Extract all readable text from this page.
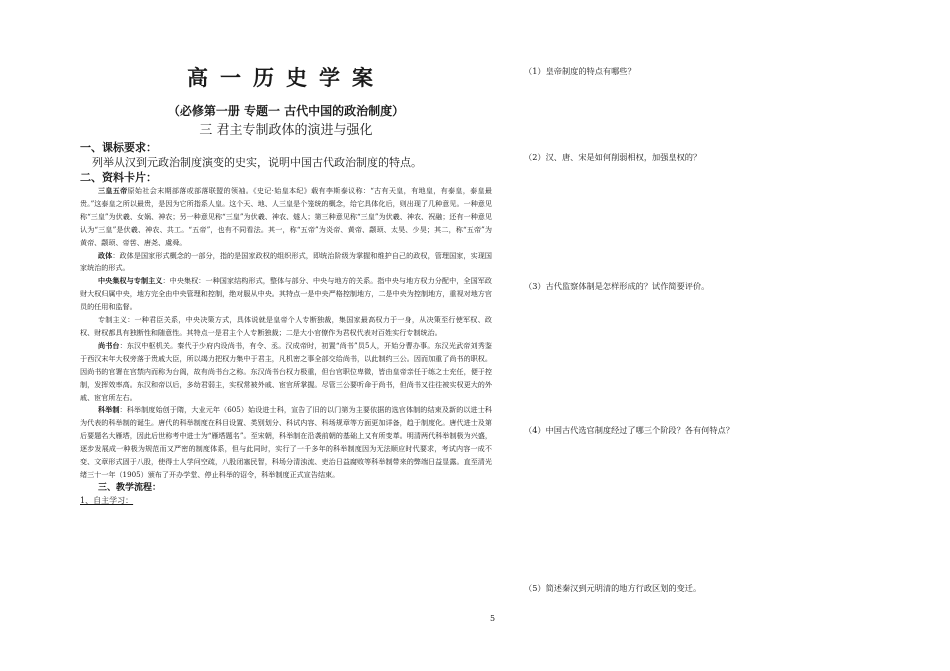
高一历史学案
（必修第一册 专题一 古代中国的政治制度）
三 君主专制政体的演进与强化
一、课标要求：
列举从汉到元政治制度演变的史实，说明中国古代政治制度的特点。
二、资料卡片：

三皇五帝原始社会末期部落或部落联盟的领袖。《史记·始皇本纪》载有李斯泰议称：“古有天皇，有地皇，有泰皇，泰皇最贵。”这泰皇之所以最贵，是因为它所指系人皇。这个天、地、人三皇是个笼统的概念，给它具体化后，则出现了几种意见。一种意见称“三皇”为伏羲、女娲、神农；另一种意见称“三皇”为伏羲、神农、燧人；第三种意见称“三皇”为伏羲、神农、祝融；还有一种意见认为“三皇”是伏羲、神农、共工。“五帝”，也有不同看法。其一，称“五帝”为炎帝、黄帝、颛顼、太昊、少昊；其二，称“五帝”为黄帝、颛顼、帝喾、唐尧、虞舜。

政体：政体是国家形式概念的一部分，指的是国家政权的组织形式，即统治阶级为掌握和维护自己的政权，管理国家，实现国家统治的形式。

中央集权与专制主义：中央集权：一种国家结构形式，整体与部分、中央与地方的关系。指中央与地方权力分配中，全国军政财大权归属中央，地方完全由中央管理和控制，绝对服从中央。其特点一是中央严格控制地方，二是中央为控制地方，重视对地方官员的任用和监督。

专制主义：一种君臣关系，中央决策方式，具体说就是皇帝个人专断独裁，集国家最高权力于一身，从决策至行使军权、政权、财权都具有独断性和随意性。其特点一是君主个人专断独裁；二是大小官僚作为君权代表对百姓实行专制统治。

尚书台：东汉中枢机关。秦代于少府内设尚书，有令、丞。汉成帝时，初置“尚书”员5人，开始分曹办事。东汉光武帝刘秀鉴于西汉末年大权旁落于贵戚大臣，所以竭力把权力集中于君主，凡机密之事全部交给尚书，以此制约三公。因而加重了尚书的职权。因尚书的官署在宫禁内而称为台阁，故有尚书台之称。东汉尚书台权力极重，但台官职位卑微，皆由皇帝亲任于练之士充任，便于控制，发挥效率高。东汉和帝以后，多幼君弱主，实权常被外戚、宦官所掌握。尽管三公要听命于尚书，但尚书又往往被实权更大的外戚、宦官所左右。

科举制：科举制度始创于隋，大业元年（605）始设进士科，宣告了旧的以门第为主要依据的选官体制的结束及新的以进士科为代表的科举制的诞生。唐代的科举制度在科目设置、类别划分、科试内容、科场规章等方面更加详备，趋于制度化。唐代进士及第后要题名大雁塔，因此后世称考中进士为“雁塔题名”。至宋朝，科举制在沿袭前朝的基础上又有所变革。明清两代科举制极为兴盛，逐步发展成一种极为规范而又严密的制度体系，但与此同时，实行了一千多年的科举制度因为无法顺应时代要求，考试内容一成不变、文章形式固于八股，使得士人学问空疏，八股闭塞民智，科场分清浊流、吏治日益腐败等科举制带来的弊端日益显露。直至清光绪三十一年（1905）颁布了开办学堂、停止科举的诏令，科举制度正式宣告结束。

三、教学流程：
1、自主学习：
（1）皇帝制度的特点有哪些？
（2）汉、唐、宋是如何削弱相权，加强皇权的？
（3）古代监察体制是怎样形成的？试作简要评价。
（4）中国古代选官制度经过了哪三个阶段？各有何特点？
（5）简述秦汉到元明清的地方行政区划的变迁。
5
